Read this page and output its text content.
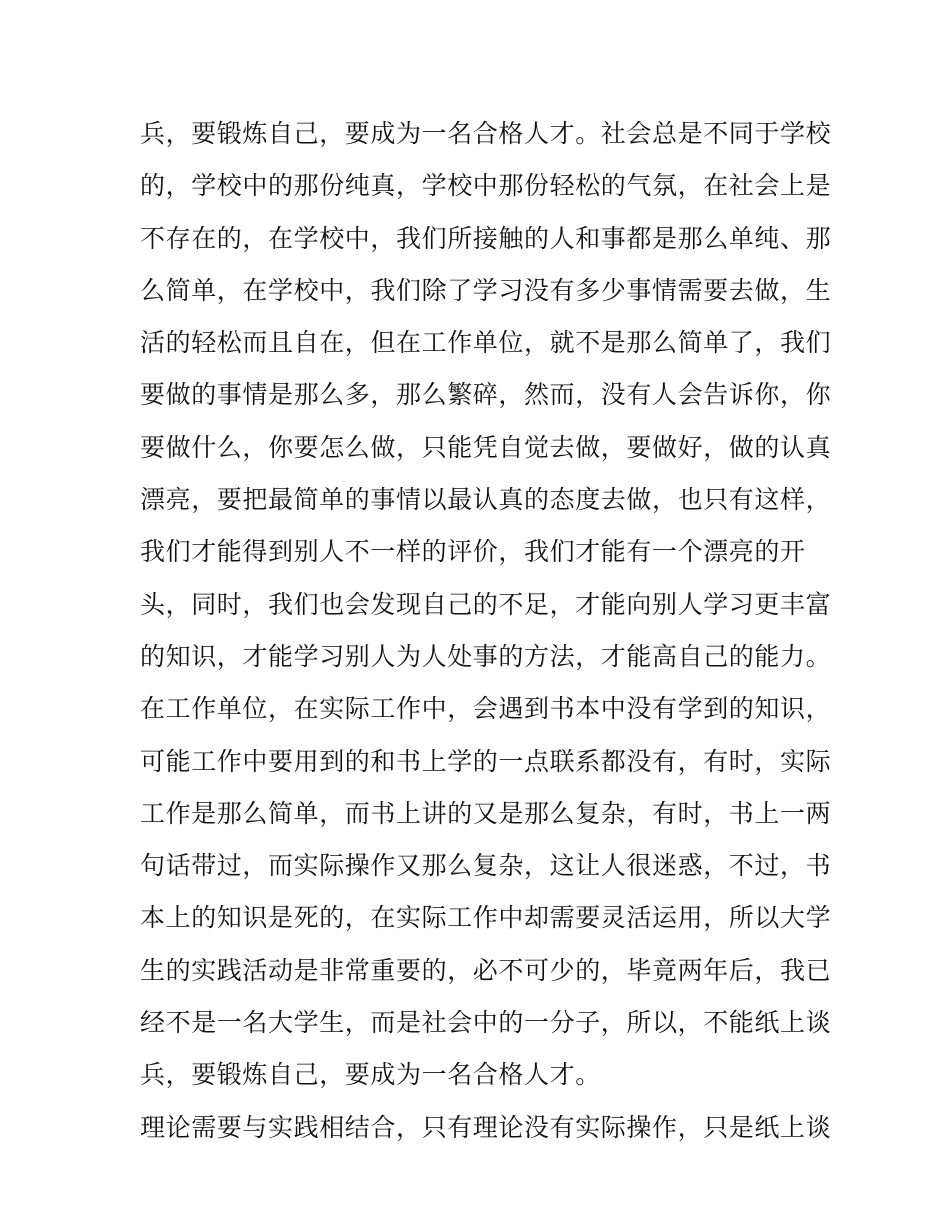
兵，要锻炼自己，要成为一名合格人才。社会总是不同于学校
的，学校中的那份纯真，学校中那份轻松的气氛，在社会上是
不存在的，在学校中，我们所接触的人和事都是那么单纯、那
么简单，在学校中，我们除了学习没有多少事情需要去做，生
活的轻松而且自在，但在工作单位，就不是那么简单了，我们
要做的事情是那么多，那么繁碎，然而，没有人会告诉你，你
要做什么，你要怎么做，只能凭自觉去做，要做好，做的认真
漂亮，要把最简单的事情以最认真的态度去做，也只有这样，
我们才能得到别人不一样的评价，我们才能有一个漂亮的开
头，同时，我们也会发现自己的不足，才能向别人学习更丰富
的知识，才能学习别人为人处事的方法，才能高自己的能力。
在工作单位，在实际工作中，会遇到书本中没有学到的知识，
可能工作中要用到的和书上学的一点联系都没有，有时，实际
工作是那么简单，而书上讲的又是那么复杂，有时，书上一两
句话带过，而实际操作又那么复杂，这让人很迷惑，不过，书
本上的知识是死的，在实际工作中却需要灵活运用，所以大学
生的实践活动是非常重要的，必不可少的，毕竟两年后，我已
经不是一名大学生，而是社会中的一分子，所以，不能纸上谈
兵，要锻炼自己，要成为一名合格人才。
理论需要与实践相结合，只有理论没有实际操作，只是纸上谈
